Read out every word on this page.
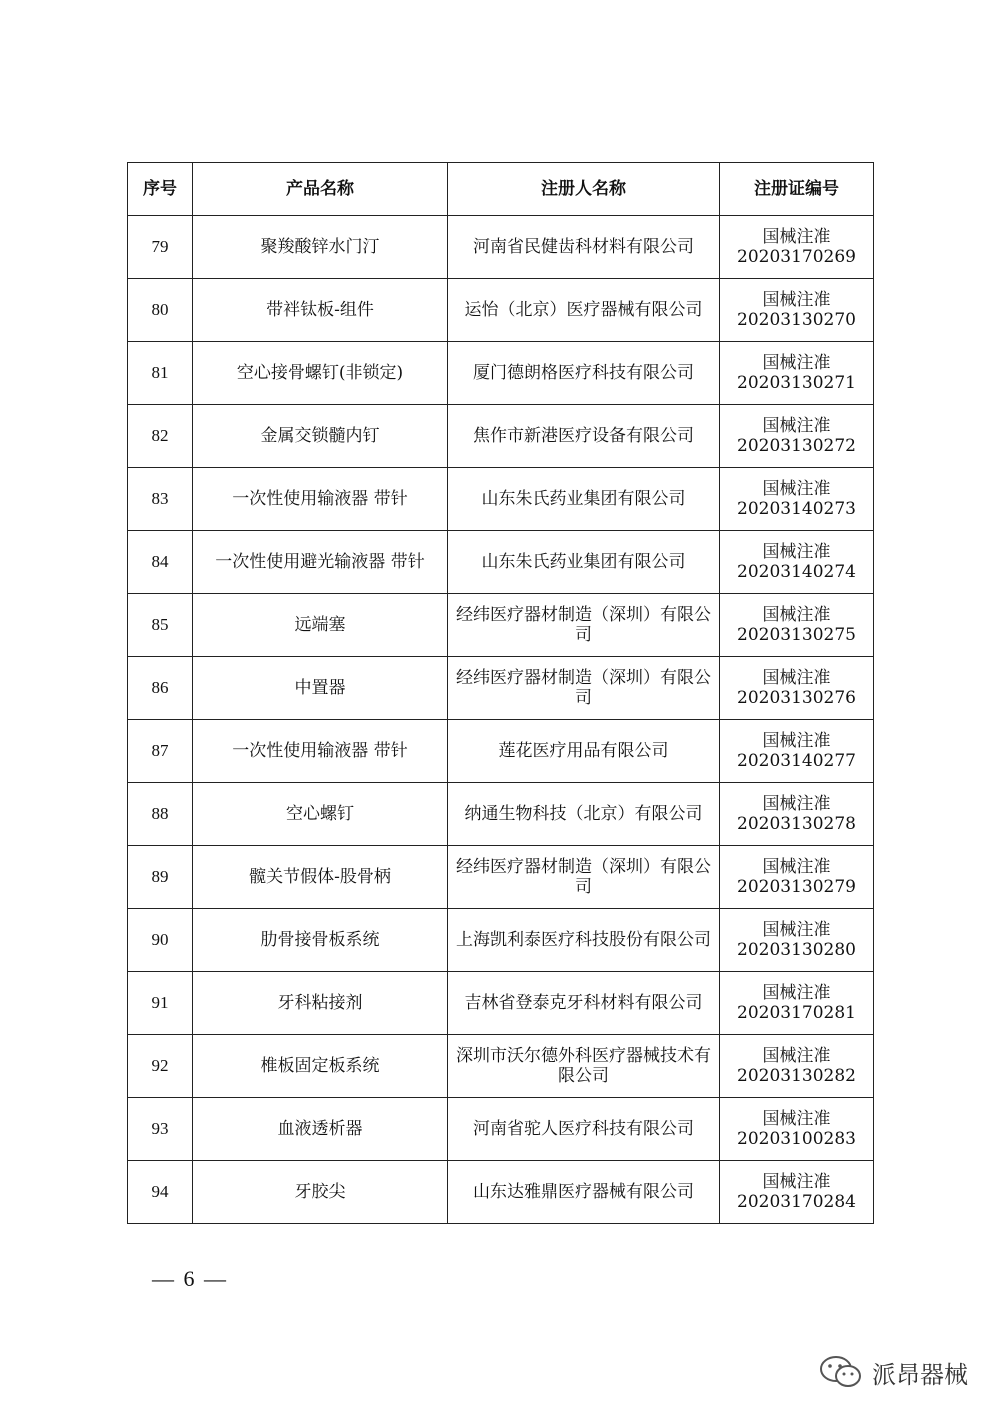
序号	产品名称	注册人名称	注册证编号
79	聚羧酸锌水门汀	河南省民健齿科材料有限公司	国械注准
20203170269

80	带袢钛板-组件	运怡（北京）医疗器械有限公司	国械注准
20203130270

81	空心接骨螺钉(非锁定)	厦门德朗格医疗科技有限公司	国械注准
20203130271

82	金属交锁髓内钉	焦作市新港医疗设备有限公司	国械注准
20203130272

83	一次性使用输液器 带针	山东朱氏药业集团有限公司	国械注准
20203140273

84	一次性使用避光输液器 带针	山东朱氏药业集团有限公司	国械注准
20203140274

85	远端塞	经纬医疗器材制造（深圳）有限公司	国械注准
20203130275

86	中置器	经纬医疗器材制造（深圳）有限公司	国械注准
20203130276

87	一次性使用输液器 带针	莲花医疗用品有限公司	国械注准
20203140277

88	空心螺钉	纳通生物科技（北京）有限公司	国械注准
20203130278

89	髋关节假体-股骨柄	经纬医疗器材制造（深圳）有限公司	国械注准
20203130279

90	肋骨接骨板系统	上海凯利泰医疗科技股份有限公司	国械注准
20203130280

91	牙科粘接剂	吉林省登泰克牙科材料有限公司	国械注准
20203170281

92	椎板固定板系统	深圳市沃尔德外科医疗器械技术有限公司	国械注准
20203130282

93	血液透析器	河南省驼人医疗科技有限公司	国械注准
20203100283

94	牙胶尖	山东达雅鼎医疗器械有限公司	国械注准
20203170284
— 6 —
派昂器械
